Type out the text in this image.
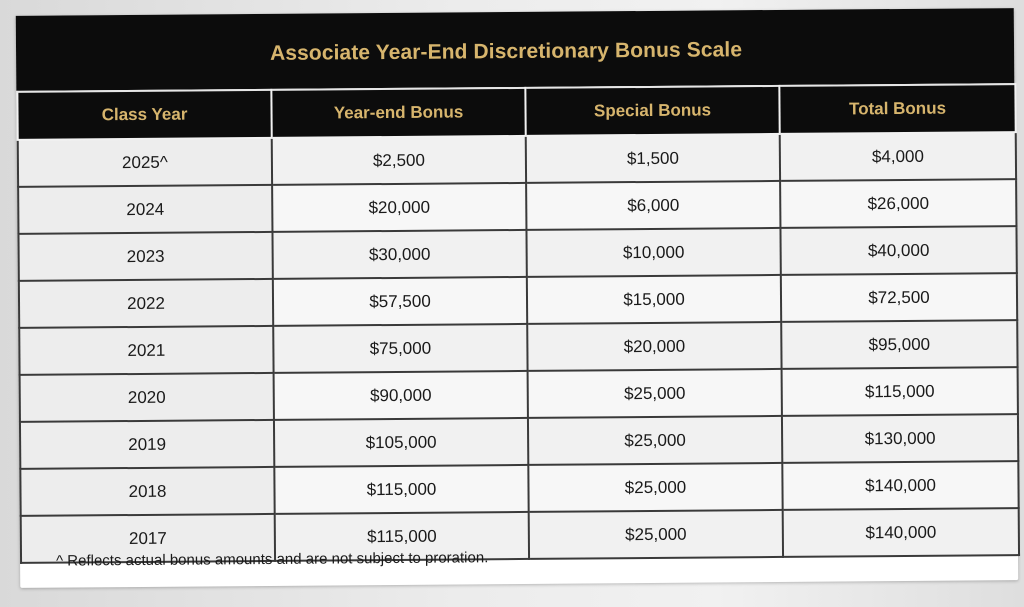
Associate Year-End Discretionary Bonus Scale
Class Year	Year-end Bonus	Special Bonus	Total Bonus
2025^	$2,500	$1,500	$4,000
2024	$20,000	$6,000	$26,000
2023	$30,000	$10,000	$40,000
2022	$57,500	$15,000	$72,500
2021	$75,000	$20,000	$95,000
2020	$90,000	$25,000	$115,000
2019	$105,000	$25,000	$130,000
2018	$115,000	$25,000	$140,000
2017	$115,000	$25,000	$140,000
^ Reflects actual bonus amounts and are not subject to proration.
